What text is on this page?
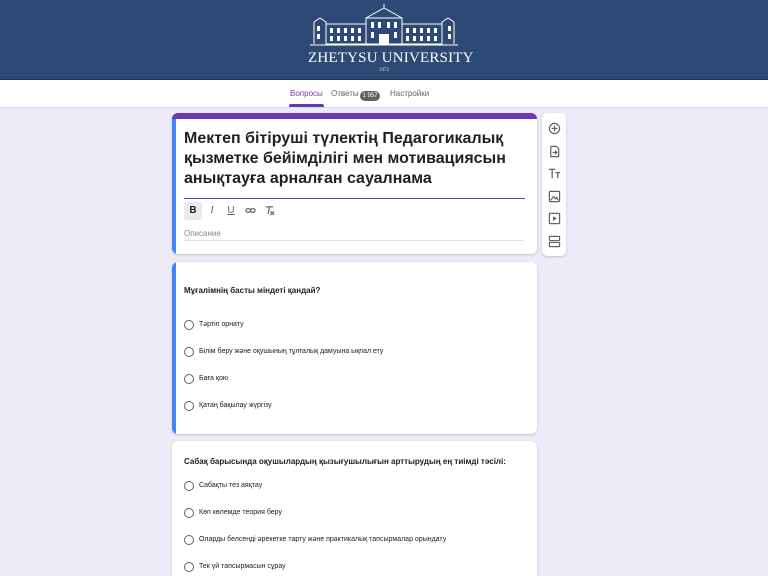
ZHETYSU UNIVERSITY
1972
Вопросы Ответы	Настройки
1 957
Мектеп бітіруші түлектің Педагогикалық қызметке бейімділігі мен мотивациясын анықтауға арналған сауалнама
B	I	U
Описание
Мұғалімнің басты міндеті қандай?
Тәртіп орнату
Білім беру және оқушының тұлғалық дамуына ықпал ету
Баға қою
Қатаң бақылау жүргізу
Сабақ барысында оқушылардың қызығушылығын арттырудың ең тиімді тәсілі:
Сабақты тез аяқтау
Көп көлемде теория беру
Оларды белсенді әрекетке тарту және практикалық тапсырмалар орындату
Тек үй тапсырмасын сұрау
